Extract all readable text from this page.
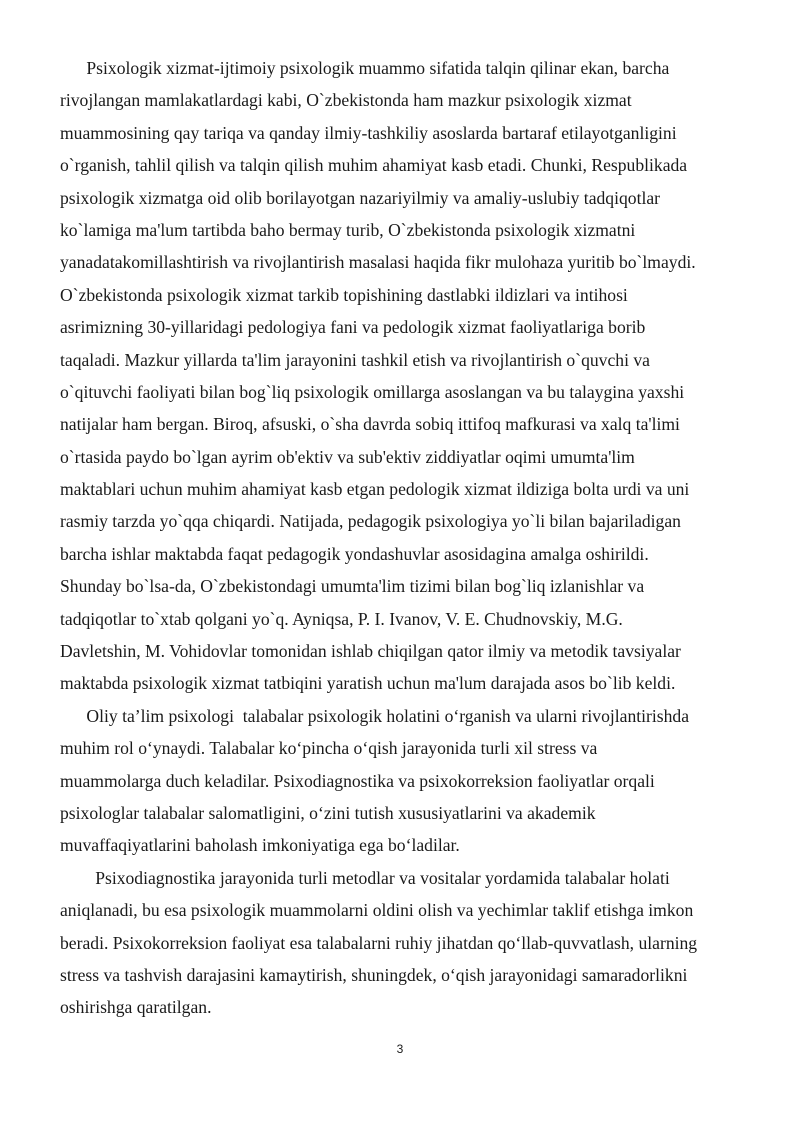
Psixologik xizmat-ijtimoiy psixologik muammo sifatida talqin qilinar ekan, barcha
rivojlangan mamlakatlardagi kabi, O`zbekistonda ham mazkur psixologik xizmat
muammosining qay tariqa va qanday ilmiy-tashkiliy asoslarda bartaraf etilayotganligini
o`rganish, tahlil qilish va talqin qilish muhim ahamiyat kasb etadi. Chunki, Respublikada
psixologik xizmatga oid olib borilayotgan nazariyilmiy va amaliy-uslubiy tadqiqotlar
ko`lamiga ma'lum tartibda baho bermay turib, O`zbekistonda psixologik xizmatni
yanadatakomillashtirish va rivojlantirish masalasi haqida fikr mulohaza yuritib bo`lmaydi.
O`zbekistonda psixologik xizmat tarkib topishining dastlabki ildizlari va intihosi
asrimizning 30-yillaridagi pedologiya fani va pedologik xizmat faoliyatlariga borib
taqaladi. Mazkur yillarda ta'lim jarayonini tashkil etish va rivojlantirish o`quvchi va
o`qituvchi faoliyati bilan bog`liq psixologik omillarga asoslangan va bu talaygina yaxshi
natijalar ham bergan. Biroq, afsuski, o`sha davrda sobiq ittifoq mafkurasi va xalq ta'limi
o`rtasida paydo bo`lgan ayrim ob'ektiv va sub'ektiv ziddiyatlar oqimi umumta'lim
maktablari uchun muhim ahamiyat kasb etgan pedologik xizmat ildiziga bolta urdi va uni
rasmiy tarzda yo`qqa chiqardi. Natijada, pedagogik psixologiya yo`li bilan bajariladigan
barcha ishlar maktabda faqat pedagogik yondashuvlar asosidagina amalga oshirildi.
Shunday bo`lsa-da, O`zbekistondagi umumta'lim tizimi bilan bog`liq izlanishlar va
tadqiqotlar to`xtab qolgani yo`q. Ayniqsa, P. I. Ivanov, V. E. Chudnovskiy, M.G.
Davletshin, M. Vohidovlar tomonidan ishlab chiqilgan qator ilmiy va metodik tavsiyalar
maktabda psixologik xizmat tatbiqini yaratish uchun ma'lum darajada asos bo`lib keldi.
Oliy ta’lim psixologi  talabalar psixologik holatini o‘rganish va ularni rivojlantirishda
muhim rol o‘ynaydi. Talabalar ko‘pincha o‘qish jarayonida turli xil stress va
muammolarga duch keladilar. Psixodiagnostika va psixokorreksion faoliyatlar orqali
psixologlar talabalar salomatligini, o‘zini tutish xususiyatlarini va akademik
muvaffaqiyatlarini baholash imkoniyatiga ega bo‘ladilar.
Psixodiagnostika jarayonida turli metodlar va vositalar yordamida talabalar holati
aniqlanadi, bu esa psixologik muammolarni oldini olish va yechimlar taklif etishga imkon
beradi. Psixokorreksion faoliyat esa talabalarni ruhiy jihatdan qo‘llab-quvvatlash, ularning
stress va tashvish darajasini kamaytirish, shuningdek, o‘qish jarayonidagi samaradorlikni
oshirishga qaratilgan.
3
